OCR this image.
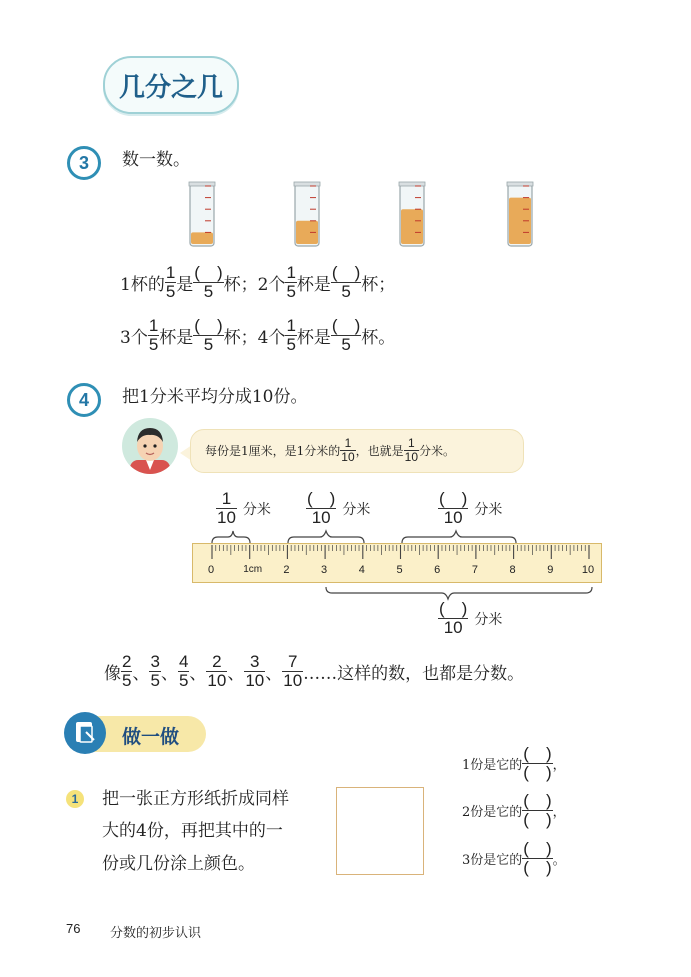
几分之几
3	数一数。
1杯的 $\frac{1}{5}$ 是 $\frac{( )}{5}$ 杯；2个 $\frac{1}{5}$ 杯是 $\frac{( )}{5}$ 杯；
3个 $\frac{1}{5}$ 杯是 $\frac{( )}{5}$ 杯；4个 $\frac{1}{5}$ 杯是 $\frac{( )}{5}$ 杯。
4	把1分米平均分成10份。
每份是1厘米，是1分米的 $\frac{1}{10}$ ，也就是 $\frac{1}{10}$ 分米。
$\frac{1}{10}$ 分米 $\frac{( )}{10}$ 分米	$\frac{( )}{10}$ 分米
0	1cm	2	3	4	5	6	7	8	9	10
$\frac{( )}{10}$ 分米
像 $\frac{2}{5}$ 、 $\frac{3}{5}$ 、 $\frac{4}{5}$ 、 $\frac{2}{10}$ 、 $\frac{3}{10}$ 、 $\frac{7}{10}$ ……这样的数，也都是分数。
做一做
1	把一张正方形纸折成同样
大的4份，再把其中的一
份或几份涂上颜色。
1份是它的 $\frac{( )}{( )}$ ，
2份是它的 $\frac{( )}{( )}$ ，
3份是它的 $\frac{( )}{( )}$ 。
76 分数的初步认识
